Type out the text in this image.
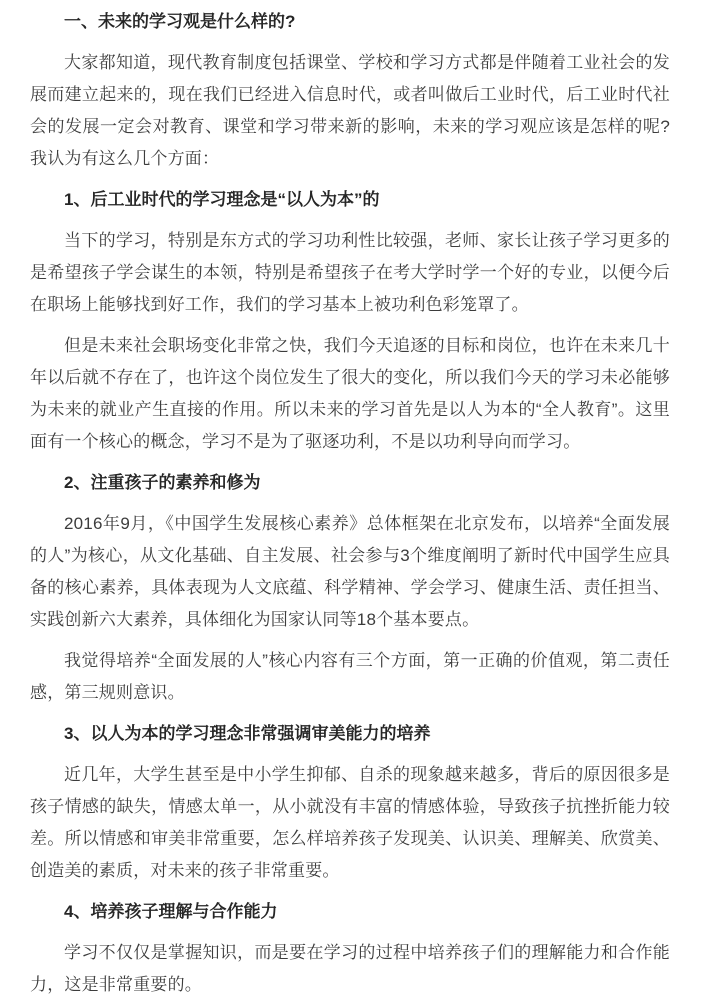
一、未来的学习观是什么样的?

大家都知道，现代教育制度包括课堂、学校和学习方式都是伴随着工业社会的发展而建立起来的，现在我们已经进入信息时代，或者叫做后工业时代，后工业时代社会的发展一定会对教育、课堂和学习带来新的影响，未来的学习观应该是怎样的呢?我认为有这么几个方面：

1、后工业时代的学习理念是“以人为本”的

当下的学习，特别是东方式的学习功利性比较强，老师、家长让孩子学习更多的是希望孩子学会谋生的本领，特别是希望孩子在考大学时学一个好的专业，以便今后在职场上能够找到好工作，我们的学习基本上被功利色彩笼罩了。

但是未来社会职场变化非常之快，我们今天追逐的目标和岗位，也许在未来几十年以后就不存在了，也许这个岗位发生了很大的变化，所以我们今天的学习未必能够为未来的就业产生直接的作用。所以未来的学习首先是以人为本的“全人教育”。这里面有一个核心的概念，学习不是为了驱逐功利，不是以功利导向而学习。

2、注重孩子的素养和修为

2016年9月，《中国学生发展核心素养》总体框架在北京发布，以培养“全面发展的人”为核心，从文化基础、自主发展、社会参与3个维度阐明了新时代中国学生应具备的核心素养，具体表现为人文底蕴、科学精神、学会学习、健康生活、责任担当、实践创新六大素养，具体细化为国家认同等18个基本要点。

我觉得培养“全面发展的人”核心内容有三个方面，第一正确的价值观，第二责任感，第三规则意识。

3、以人为本的学习理念非常强调审美能力的培养

近几年，大学生甚至是中小学生抑郁、自杀的现象越来越多，背后的原因很多是孩子情感的缺失，情感太单一，从小就没有丰富的情感体验，导致孩子抗挫折能力较差。所以情感和审美非常重要，怎么样培养孩子发现美、认识美、理解美、欣赏美、创造美的素质，对未来的孩子非常重要。

4、培养孩子理解与合作能力

学习不仅仅是掌握知识，而是要在学习的过程中培养孩子们的理解能力和合作能力，这是非常重要的。
